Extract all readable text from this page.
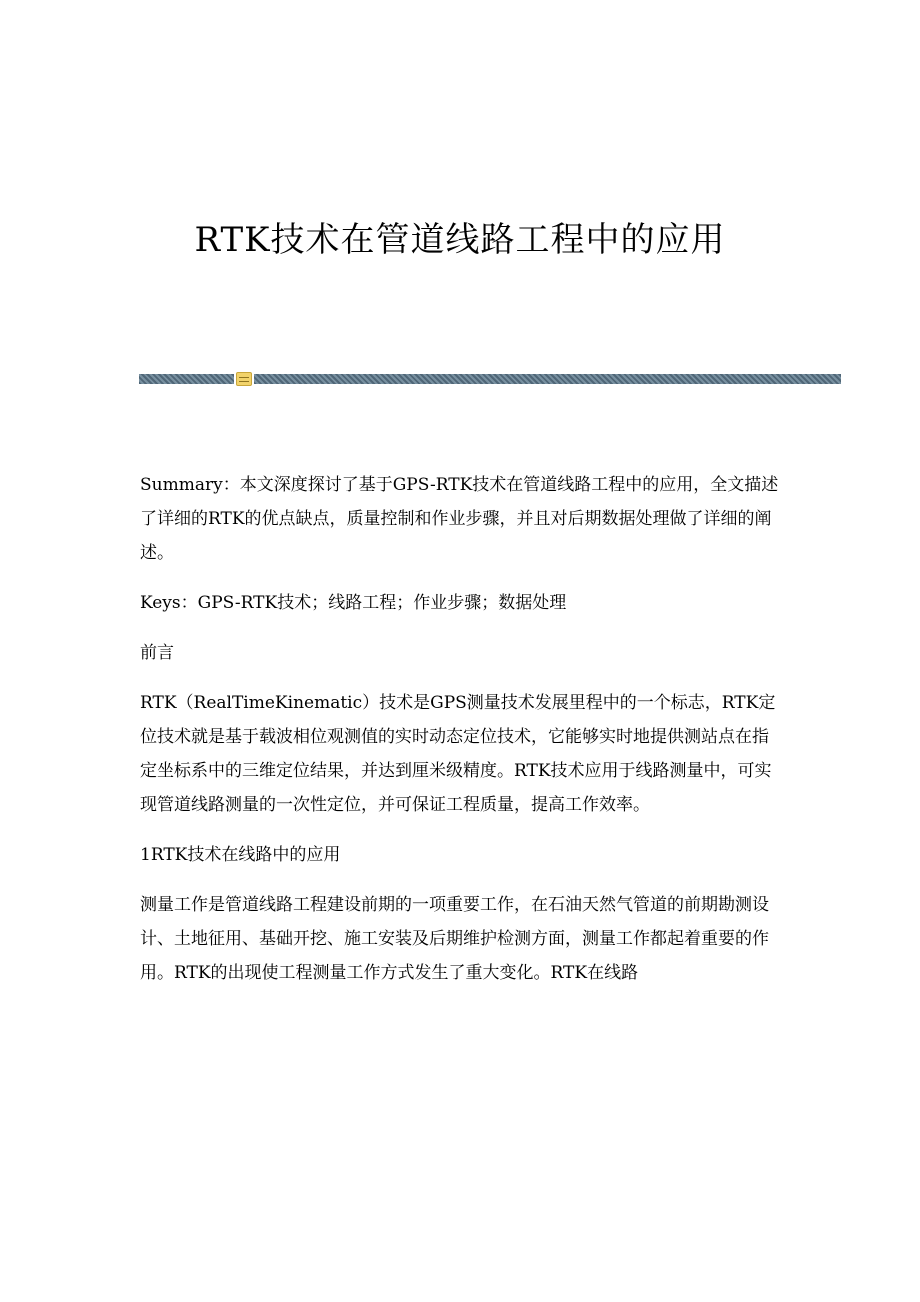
RTK技术在管道线路工程中的应用

Summary：本文深度探讨了基于GPS-RTK技术在管道线路工程中的应用，全文描述了详细的RTK的优点缺点，质量控制和作业步骤，并且对后期数据处理做了详细的阐述。

Keys：GPS-RTK技术；线路工程；作业步骤；数据处理

前言

RTK（RealTimeKinematic）技术是GPS测量技术发展里程中的一个标志，RTK定位技术就是基于载波相位观测值的实时动态定位技术，它能够实时地提供测站点在指定坐标系中的三维定位结果，并达到厘米级精度。RTK技术应用于线路测量中，可实现管道线路测量的一次性定位，并可保证工程质量，提高工作效率。

1RTK技术在线路中的应用

测量工作是管道线路工程建设前期的一项重要工作，在石油天然气管道的前期勘测设计、土地征用、基础开挖、施工安装及后期维护检测方面，测量工作都起着重要的作用。RTK的出现使工程测量工作方式发生了重大变化。RTK在线路
